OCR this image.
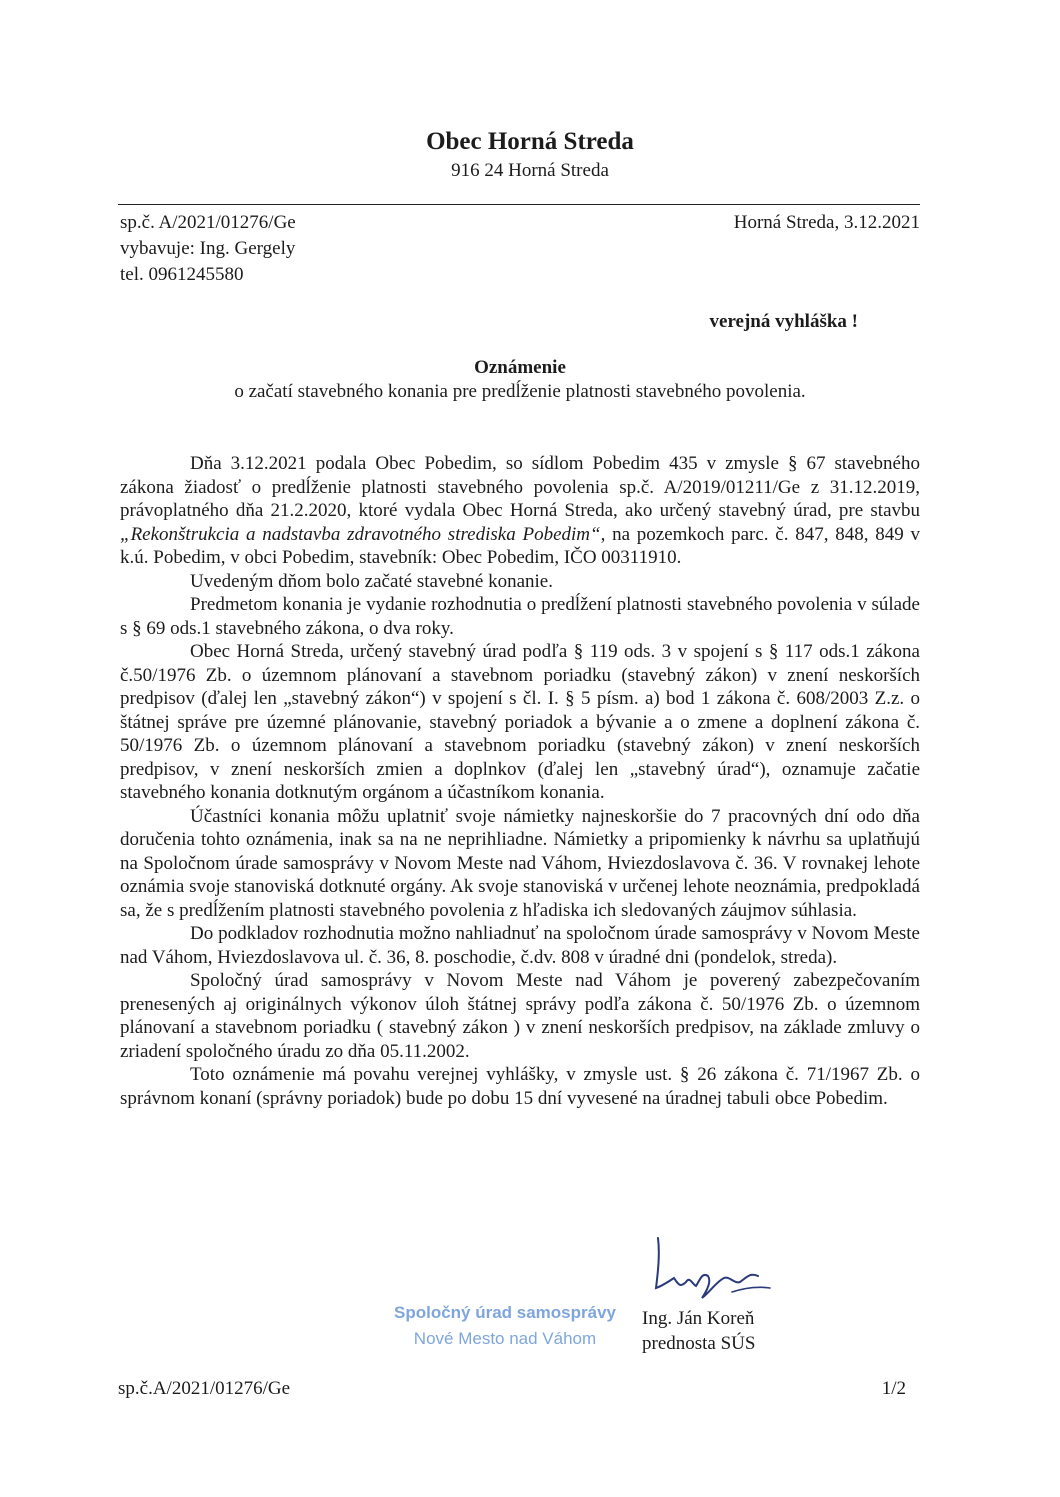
Obec Horná Streda
916 24 Horná Streda
sp.č. A/2021/01276/Ge
vybavuje: Ing. Gergely
tel. 0961245580
Horná Streda, 3.12.2021
verejná vyhláška !
Oznámenie
o začatí stavebného konania pre predĺženie platnosti stavebného povolenia.

Dňa 3.12.2021 podala Obec Pobedim, so sídlom Pobedim 435 v zmysle § 67 stavebného zákona žiadosť o predĺženie platnosti stavebného povolenia sp.č. A/2019/01211/Ge z 31.12.2019, právoplatného dňa 21.2.2020, ktoré vydala Obec Horná Streda, ako určený stavebný úrad, pre stavbu „Rekonštrukcia a nadstavba zdravotného strediska Pobedim“, na pozemkoch parc. č. 847, 848, 849 v k.ú. Pobedim, v obci Pobedim, stavebník: Obec Pobedim, IČO 00311910.

Uvedeným dňom bolo začaté stavebné konanie.

Predmetom konania je vydanie rozhodnutia o predĺžení platnosti stavebného povolenia v súlade s § 69 ods.1 stavebného zákona, o dva roky.

Obec Horná Streda, určený stavebný úrad podľa § 119 ods. 3 v spojení s § 117 ods.1 zákona č.50/1976 Zb. o územnom plánovaní a stavebnom poriadku (stavebný zákon) v znení neskorších predpisov (ďalej len „stavebný zákon“) v spojení s čl. I. § 5 písm. a) bod 1 zákona č. 608/2003 Z.z. o štátnej správe pre územné plánovanie, stavebný poriadok a bývanie a o zmene a doplnení zákona č. 50/1976 Zb. o územnom plánovaní a stavebnom poriadku (stavebný zákon) v znení neskorších predpisov, v znení neskorších zmien a doplnkov (ďalej len „stavebný úrad“), oznamuje začatie stavebného konania dotknutým orgánom a účastníkom konania.

Účastníci konania môžu uplatniť svoje námietky najneskoršie do 7 pracovných dní odo dňa doručenia tohto oznámenia, inak sa na ne neprihliadne. Námietky a pripomienky k návrhu sa uplatňujú na Spoločnom úrade samosprávy v Novom Meste nad Váhom, Hviezdoslavova č. 36. V rovnakej lehote oznámia svoje stanoviská dotknuté orgány. Ak svoje stanoviská v určenej lehote neoznámia, predpokladá sa, že s predĺžením platnosti stavebného povolenia z hľadiska ich sledovaných záujmov súhlasia.

Do podkladov rozhodnutia možno nahliadnuť na spoločnom úrade samosprávy v Novom Meste nad Váhom, Hviezdoslavova ul. č. 36, 8. poschodie, č.dv. 808 v úradné dni (pondelok, streda).

Spoločný úrad samosprávy v Novom Meste nad Váhom je poverený zabezpečovaním prenesených aj originálnych výkonov úloh štátnej správy podľa zákona č. 50/1976 Zb. o územnom plánovaní a stavebnom poriadku ( stavebný zákon ) v znení neskorších predpisov, na základe zmluvy o zriadení spoločného úradu zo dňa 05.11.2002.

Toto oznámenie má povahu verejnej vyhlášky, v zmysle ust. § 26 zákona č. 71/1967 Zb. o správnom konaní (správny poriadok) bude po dobu 15 dní vyvesené na úradnej tabuli obce Pobedim.

Spoločný úrad samosprávy
Nové Mesto nad Váhom
Ing. Ján Koreň
prednosta SÚS
sp.č.A/2021/01276/Ge	1/2
